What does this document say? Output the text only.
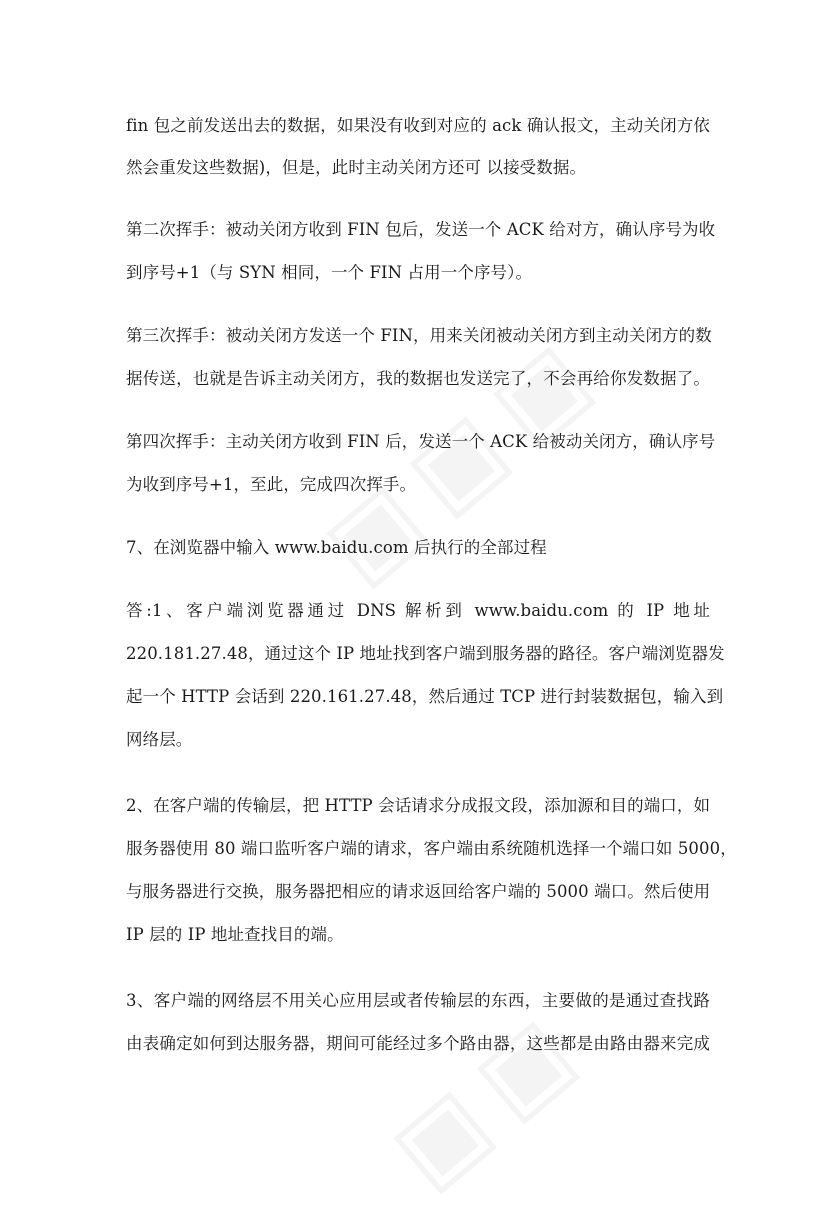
fin 包之前发送出去的数据，如果没有收到对应的 ack 确认报文，主动关闭方依
然会重发这些数据)，但是，此时主动关闭方还可 以接受数据。
第二次挥手：被动关闭方收到 FIN 包后，发送一个 ACK 给对方，确认序号为收
到序号+1（与 SYN 相同，一个 FIN 占用一个序号）。
第三次挥手：被动关闭方发送一个 FIN，用来关闭被动关闭方到主动关闭方的数
据传送，也就是告诉主动关闭方，我的数据也发送完了，不会再给你发数据了。
第四次挥手：主动关闭方收到 FIN 后，发送一个 ACK 给被动关闭方，确认序号
为收到序号+1，至此，完成四次挥手。
7、在浏览器中输入 www.baidu.com 后执行的全部过程
答:1、客户端浏览器通过 DNS 解析到 www.baidu.com 的 IP 地址
220.181.27.48，通过这个 IP 地址找到客户端到服务器的路径。客户端浏览器发
起一个 HTTP 会话到 220.161.27.48，然后通过 TCP 进行封装数据包，输入到
网络层。
2、在客户端的传输层，把 HTTP 会话请求分成报文段，添加源和目的端口，如
服务器使用 80 端口监听客户端的请求，客户端由系统随机选择一个端口如 5000，
与服务器进行交换，服务器把相应的请求返回给客户端的 5000 端口。然后使用
IP 层的 IP 地址查找目的端。
3、客户端的网络层不用关心应用层或者传输层的东西，主要做的是通过查找路
由表确定如何到达服务器，期间可能经过多个路由器，这些都是由路由器来完成
